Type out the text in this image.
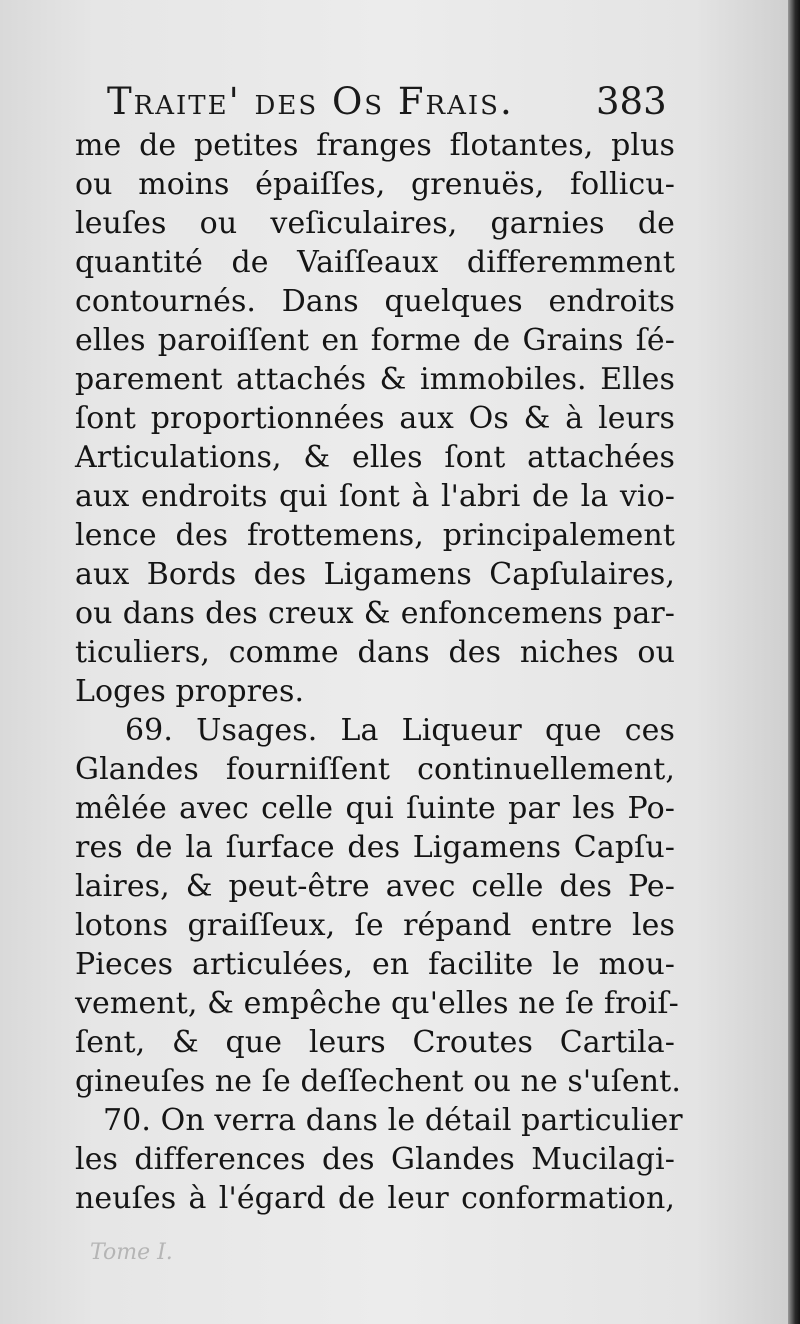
Traite' des Os Frais. 383
me de petites franges flotantes, plus
ou moins épaiſſes, grenuës, follicu-
leuſes ou veſiculaires, garnies de
quantité de Vaiſſeaux differemment
contournés. Dans quelques endroits
elles paroiſſent en forme de Grains ſé-
parement attachés & immobiles. Elles
ſont proportionnées aux Os & à leurs
Articulations, & elles ſont attachées
aux endroits qui ſont à l'abri de la vio-
lence des frottemens, principalement
aux Bords des Ligamens Capſulaires,
ou dans des creux & enfoncemens par-
ticuliers, comme dans des niches ou
Loges propres.
69. Usages. La Liqueur que ces
Glandes fourniſſent continuellement,
mêlée avec celle qui ſuinte par les Po-
res de la ſurface des Ligamens Capſu-
laires, & peut-être avec celle des Pe-
lotons graiſſeux, ſe répand entre les
Pieces articulées, en facilite le mou-
vement, & empêche qu'elles ne ſe froiſ-
ſent, & que leurs Croutes Cartila-
gineuſes ne ſe deſſechent ou ne s'uſent.
70. On verra dans le détail particulier
les differences des Glandes Mucilagi-
neuſes à l'égard de leur conformation,
Tome I.
